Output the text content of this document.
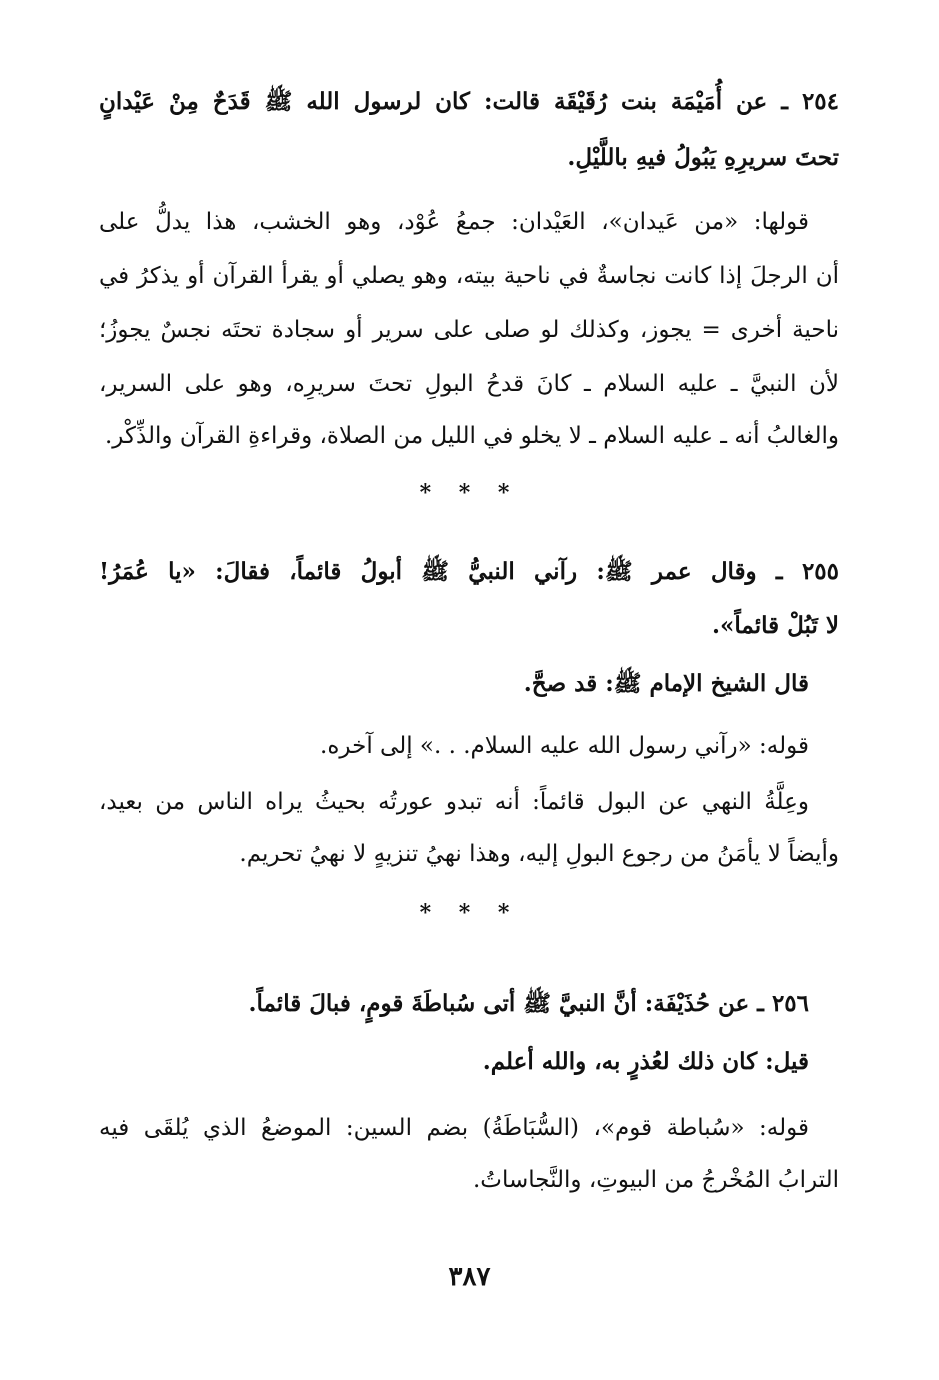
٢٥٤ ـ عن أُمَيْمَة بنت رُقَيْقَة قالت: كان لرسول الله ﷺ قَدَحٌ مِنْ عَيْدانٍ
تحتَ سريرِهِ يَبُولُ فيهِ باللَّيْلِ.
قولها: «من عَيدان»، العَيْدان: جمعُ عُوْد، وهو الخشب، هذا يدلُّ على
أن الرجلَ إذا كانت نجاسةٌ في ناحية بيته، وهو يصلي أو يقرأ القرآن أو يذكرُ في
ناحية أخرى = يجوز، وكذلك لو صلى على سرير أو سجادة تحتَه نجسٌ يجوزُ؛
لأن النبيَّ ـ عليه السلام ـ كانَ قدحُ البولِ تحتَ سريرِه، وهو على السرير،
والغالبُ أنه ـ عليه السلام ـ لا يخلو في الليل من الصلاة، وقراءةِ القرآن والذِّكْر.
* * *
٢٥٥ ـ وقال عمر ﷺ: رآني النبيُّ ﷺ أبولُ قائماً، فقالَ: «يا عُمَرُ!
لا تَبُلْ قائماً».
قال الشيخ الإمام ﷺ: قد صحَّ.
قوله: «رآني رسول الله عليه السلام. . .» إلى آخره.
وعِلَّةُ النهي عن البول قائماً: أنه تبدو عورتُه بحيثُ يراه الناس من بعيد،
وأيضاً لا يأمَنُ من رجوع البولِ إليه، وهذا نهيُ تنزيهٍ لا نهيُ تحريم.
* * *
٢٥٦ ـ عن حُذَيْفَة: أنَّ النبيَّ ﷺ أتى سُباطَةَ قومٍ، فبالَ قائماً.
قيل: كان ذلك لعُذرٍ به، والله أعلم.
قوله: «سُباطة قوم»، (السُّبَاطَةُ) بضم السين: الموضعُ الذي يُلقَى فيه
الترابُ المُخْرجُ من البيوتِ، والنَّجاساتُ.
٣٨٧
